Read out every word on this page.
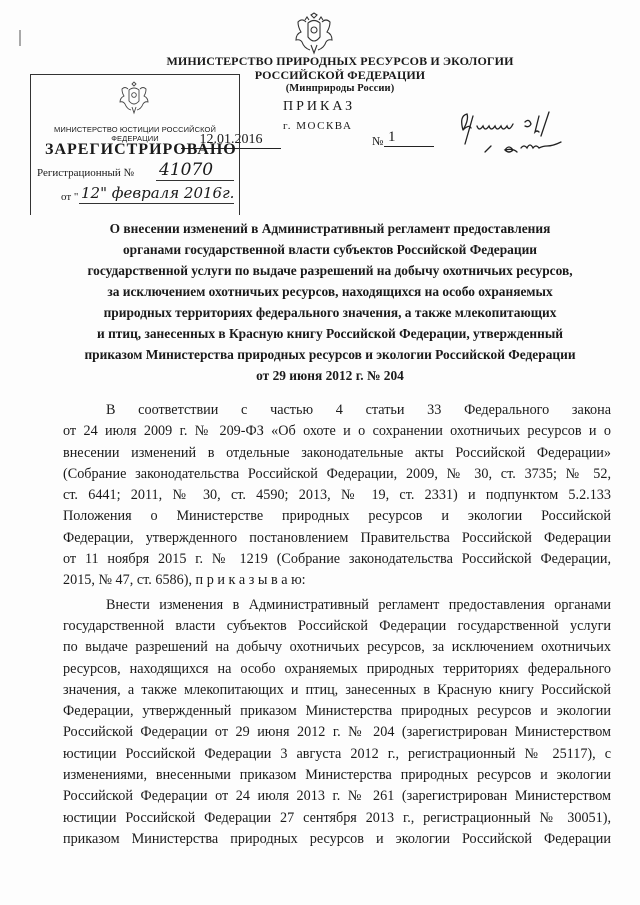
МИНИСТЕРСТВО ПРИРОДНЫХ РЕСУРСОВ И ЭКОЛОГИИ
РОССИЙСКОЙ ФЕДЕРАЦИИ
(Минприроды России)
ПРИКАЗ
г. МОСКВА
12.01.2016	№ 1
МИНИСТЕРСТВО ЮСТИЦИИ РОССИЙСКОЙ ФЕДЕРАЦИИ
ЗАРЕГИСТРИРОВАНО
Регистрационный № 41070
от " 12" февраля 2016г.
О внесении изменений в Административный регламент предоставления
органами государственной власти субъектов Российской Федерации
государственной услуги по выдаче разрешений на добычу охотничьих ресурсов,
за исключением охотничьих ресурсов, находящихся на особо охраняемых
природных территориях федерального значения, а также млекопитающих
и птиц, занесенных в Красную книгу Российской Федерации, утвержденный
приказом Министерства природных ресурсов и экологии Российской Федерации
от 29 июня 2012 г. № 204

В соответствии с частью 4 статьи 33 Федерального закона
от 24 июля 2009 г. № 209-ФЗ «Об охоте и о сохранении охотничьих ресурсов и о
внесении изменений в отдельные законодательные акты Российской Федерации»
(Собрание законодательства Российской Федерации, 2009, № 30, ст. 3735; № 52,
ст. 6441; 2011, № 30, ст. 4590; 2013, № 19, ст. 2331) и подпунктом 5.2.133
Положения о Министерстве природных ресурсов и экологии Российской
Федерации, утвержденного постановлением Правительства Российской Федерации
от 11 ноября 2015 г. № 1219 (Собрание законодательства Российской Федерации,
2015, № 47, ст. 6586), п р и к а з ы в а ю:

Внести изменения в Административный регламент предоставления органами
государственной власти субъектов Российской Федерации государственной услуги
по выдаче разрешений на добычу охотничьих ресурсов, за исключением охотничьих
ресурсов, находящихся на особо охраняемых природных территориях федерального
значения, а также млекопитающих и птиц, занесенных в Красную книгу Российской
Федерации, утвержденный приказом Министерства природных ресурсов и экологии
Российской Федерации от 29 июня 2012 г. № 204 (зарегистрирован Министерством
юстиции Российской Федерации 3 августа 2012 г., регистрационный № 25117), с
изменениями, внесенными приказом Министерства природных ресурсов и экологии
Российской Федерации от 24 июля 2013 г. № 261 (зарегистрирован Министерством
юстиции Российской Федерации 27 сентября 2013 г., регистрационный № 30051),
приказом Министерства природных ресурсов и экологии Российской Федерации
